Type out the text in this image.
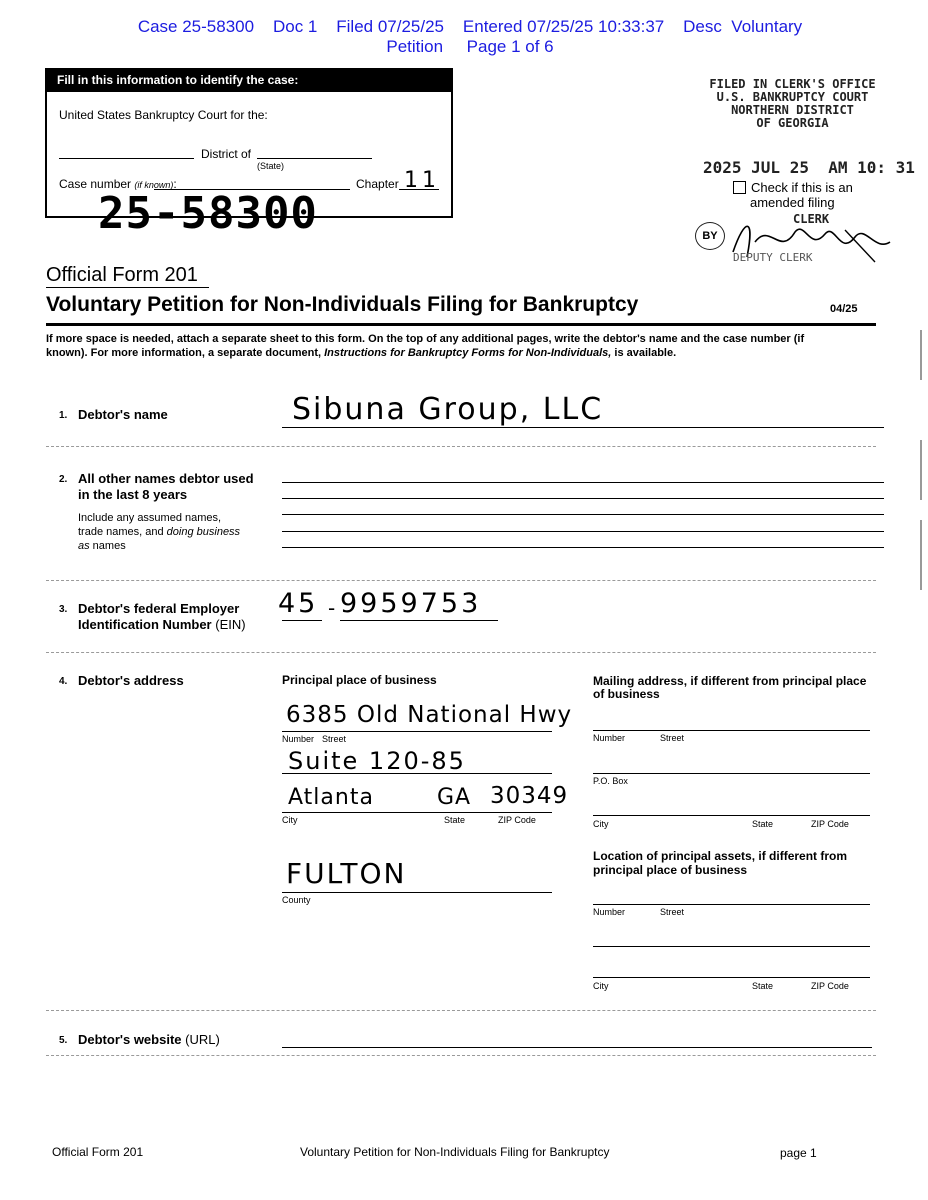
Case 25-58300    Doc 1    Filed 07/25/25    Entered 07/25/25 10:33:37    Desc  Voluntary
Petition     Page 1 of 6
Fill in this information to identify the case:
United States Bankruptcy Court for the:
District of
(State)
Case number (if known):	Chapter 11
25-58300
FILED IN CLERK'S OFFICE
U.S. BANKRUPTCY COURT
NORTHERN DISTRICT
OF GEORGIA
2025 JUL 25  AM 10: 31
Check if this is an
amended filing
CLERK
BY
DEPUTY CLERK
Official Form 201
Voluntary Petition for Non-Individuals Filing for Bankruptcy	04/25
If more space is needed, attach a separate sheet to this form. On the top of any additional pages, write the debtor's name and the case number (if known). For more information, a separate document, Instructions for Bankruptcy Forms for Non-Individuals, is available.
1. Debtor's name	Sibuna Group, LLC
2. All other names debtor used
in the last 8 years
Include any assumed names,
trade names, and doing business
as names
3. Debtor's federal Employer
Identification Number (EIN)
45 - 9959753
4. Debtor's address	Principal place of business
6385 Old National Hwy
Number Street
Suite 120-85
Atlanta	GA 30349
City	State	ZIP Code
FULTON
County
Mailing address, if different from principal place
of business
Number	Street
P.O. Box
City	State	ZIP Code
Location of principal assets, if different from
principal place of business
Number	Street
City	State	ZIP Code
5. Debtor's website (URL)
Official Form 201	Voluntary Petition for Non-Individuals Filing for Bankruptcy	page 1
